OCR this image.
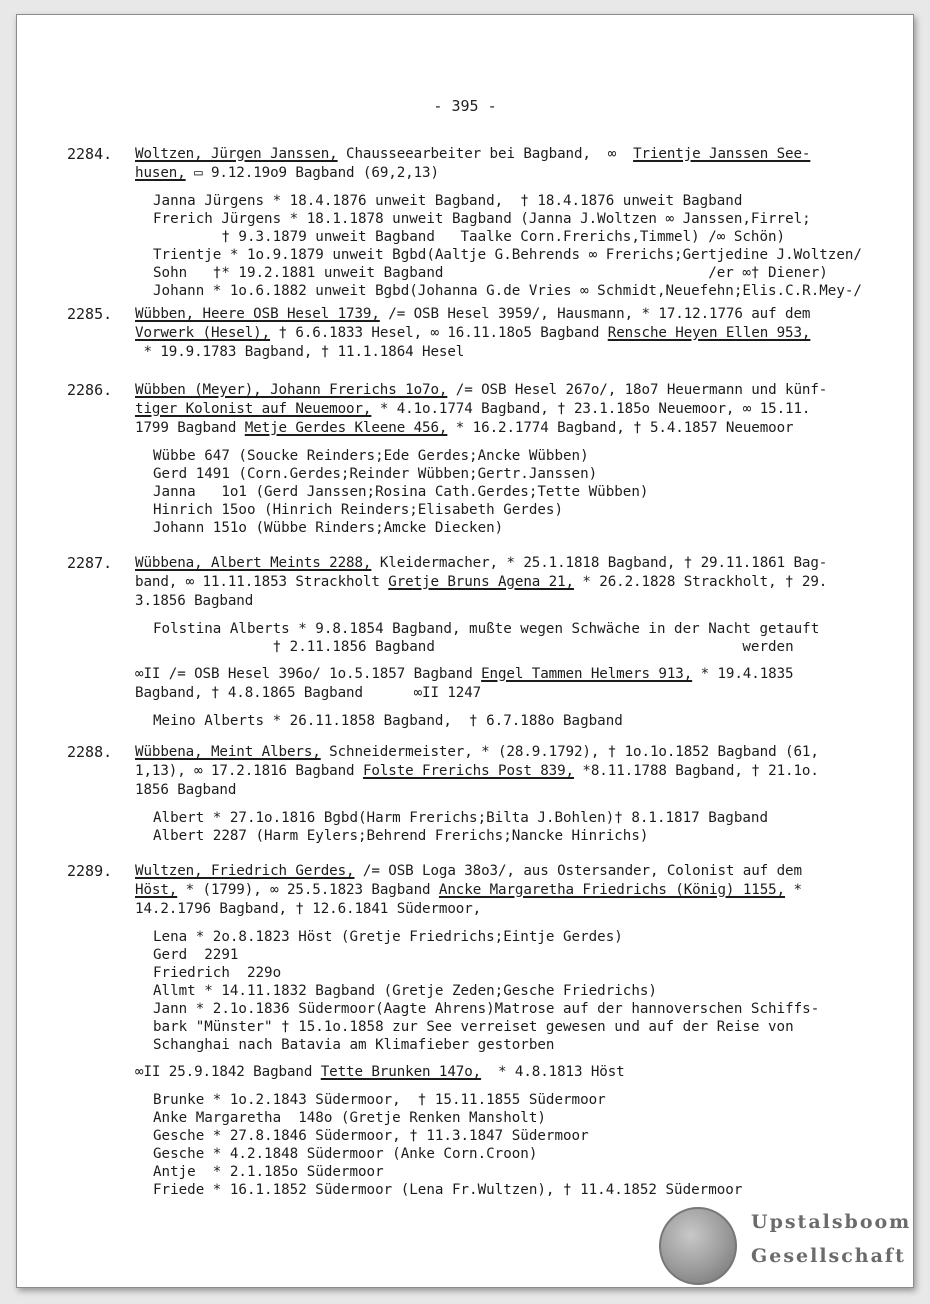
- 395 -
2284. Woltzen, Jürgen Janssen, Chausseearbeiter bei Bagband,  ∞  Trientje Janssen See-
husen, ▭ 9.12.19o9 Bagband (69,2,13)
Janna Jürgens * 18.4.1876 unweit Bagband,  † 18.4.1876 unweit Bagband
Frerich Jürgens * 18.1.1878 unweit Bagband (Janna J.Woltzen ∞ Janssen,Firrel;
† 9.3.1879 unweit Bagband   Taalke Corn.Frerichs,Timmel) /∞ Schön)
Trientje * 1o.9.1879 unweit Bgbd(Aaltje G.Behrends ∞ Frerichs;Gertjedine J.Woltzen/
Sohn   †* 19.2.1881 unweit Bagband                               /er ∞† Diener)
Johann * 1o.6.1882 unweit Bgbd(Johanna G.de Vries ∞ Schmidt,Neuefehn;Elis.C.R.Mey-/
2285. Wübben, Heere OSB Hesel 1739, /= OSB Hesel 3959/, Hausmann, * 17.12.1776 auf dem
Vorwerk (Hesel), † 6.6.1833 Hesel, ∞ 16.11.18o5 Bagband Rensche Heyen Ellen 953,
* 19.9.1783 Bagband, † 11.1.1864 Hesel
2286. Wübben (Meyer), Johann Frerichs 1o7o, /= OSB Hesel 267o/, 18o7 Heuermann und künf-
tiger Kolonist auf Neuemoor, * 4.1o.1774 Bagband, † 23.1.185o Neuemoor, ∞ 15.11.
1799 Bagband Metje Gerdes Kleene 456, * 16.2.1774 Bagband, † 5.4.1857 Neuemoor
Wübbe 647 (Soucke Reinders;Ede Gerdes;Ancke Wübben)
Gerd 1491 (Corn.Gerdes;Reinder Wübben;Gertr.Janssen)
Janna   1o1 (Gerd Janssen;Rosina Cath.Gerdes;Tette Wübben)
Hinrich 15oo (Hinrich Reinders;Elisabeth Gerdes)
Johann 151o (Wübbe Rinders;Amcke Diecken)
2287. Wübbena, Albert Meints 2288, Kleidermacher, * 25.1.1818 Bagband, † 29.11.1861 Bag-
band, ∞ 11.11.1853 Strackholt Gretje Bruns Agena 21, * 26.2.1828 Strackholt, † 29.
3.1856 Bagband
Folstina Alberts * 9.8.1854 Bagband, mußte wegen Schwäche in der Nacht getauft
† 2.11.1856 Bagband                                    werden
∞II /= OSB Hesel 396o/ 1o.5.1857 Bagband Engel Tammen Helmers 913, * 19.4.1835
Bagband, † 4.8.1865 Bagband      ∞II 1247
Meino Alberts * 26.11.1858 Bagband,  † 6.7.188o Bagband
2288. Wübbena, Meint Albers, Schneidermeister, * (28.9.1792), † 1o.1o.1852 Bagband (61,
1,13), ∞ 17.2.1816 Bagband Folste Frerichs Post 839, *8.11.1788 Bagband, † 21.1o.
1856 Bagband
Albert * 27.1o.1816 Bgbd(Harm Frerichs;Bilta J.Bohlen)† 8.1.1817 Bagband
Albert 2287 (Harm Eylers;Behrend Frerichs;Nancke Hinrichs)
2289. Wultzen, Friedrich Gerdes, /= OSB Loga 38o3/, aus Ostersander, Colonist auf dem
Höst, * (1799), ∞ 25.5.1823 Bagband Ancke Margaretha Friedrichs (König) 1155, *
14.2.1796 Bagband, † 12.6.1841 Südermoor,
Lena * 2o.8.1823 Höst (Gretje Friedrichs;Eintje Gerdes)
Gerd  2291
Friedrich  229o
Allmt * 14.11.1832 Bagband (Gretje Zeden;Gesche Friedrichs)
Jann * 2.1o.1836 Südermoor(Aagte Ahrens)Matrose auf der hannoverschen Schiffs-
bark "Münster" † 15.1o.1858 zur See verreiset gewesen und auf der Reise von
Schanghai nach Batavia am Klimafieber gestorben
∞II 25.9.1842 Bagband Tette Brunken 147o,  * 4.8.1813 Höst
Brunke * 1o.2.1843 Südermoor,  † 15.11.1855 Südermoor
Anke Margaretha  148o (Gretje Renken Mansholt)
Gesche * 27.8.1846 Südermoor, † 11.3.1847 Südermoor
Gesche * 4.2.1848 Südermoor (Anke Corn.Croon)
Antje  * 2.1.185o Südermoor
Friede * 16.1.1852 Südermoor (Lena Fr.Wultzen), † 11.4.1852 Südermoor
Upstalsboom
Gesellschaft
